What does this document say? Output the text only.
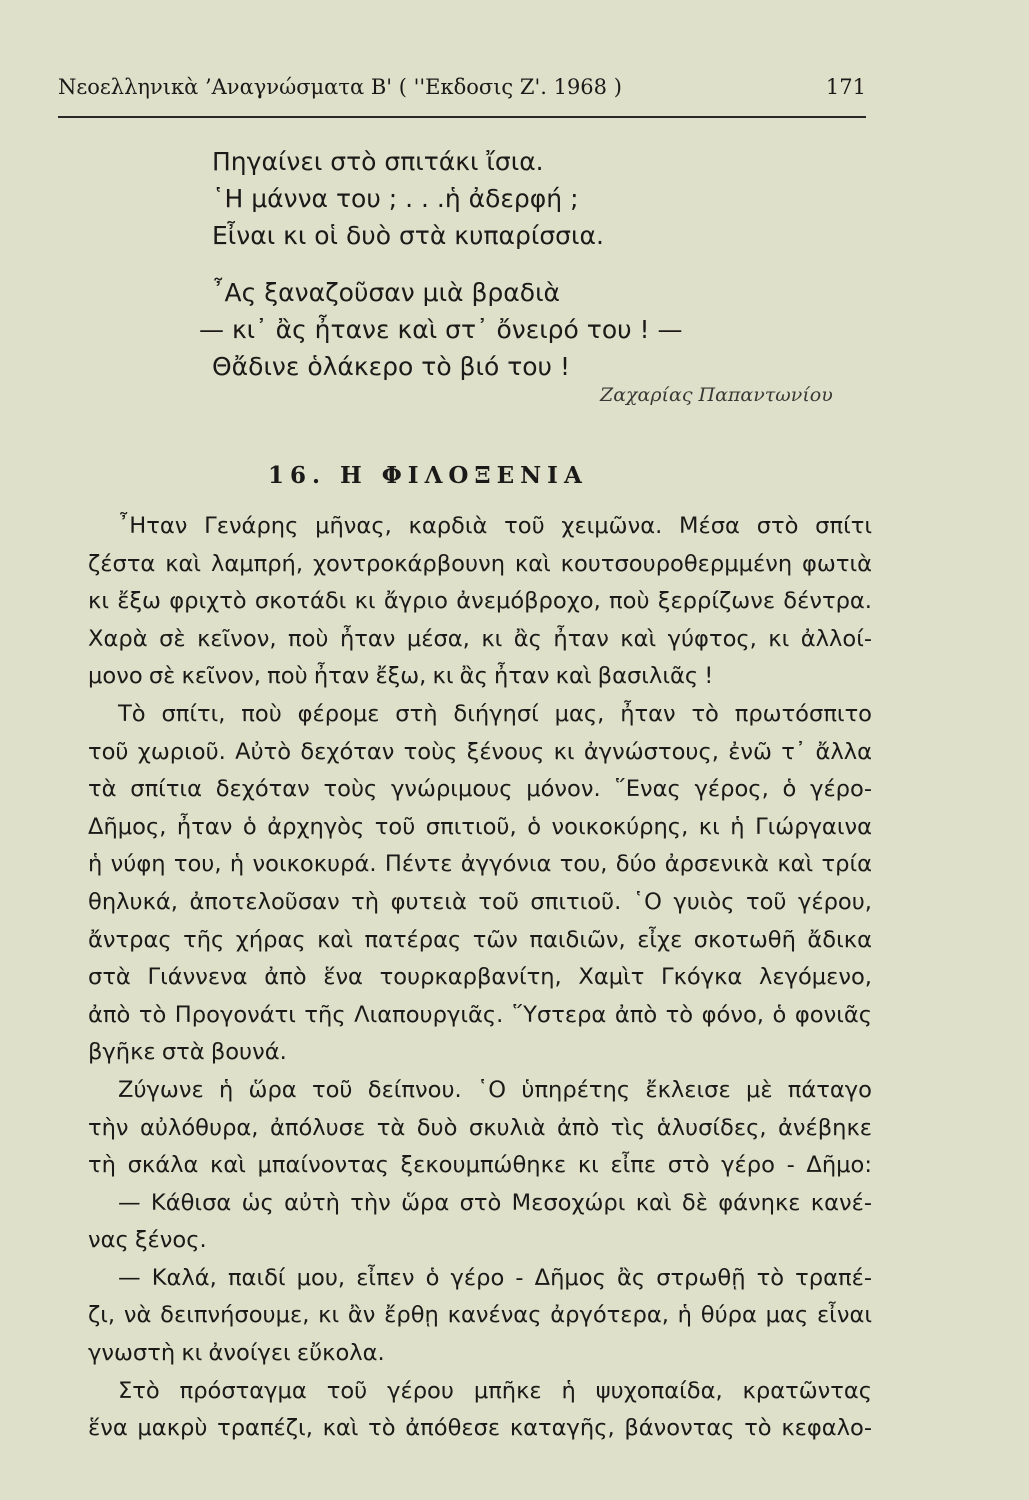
Νεοελληνικὰ ’Αναγνώσματα Β' ( ''Εκδοσις Ζ'. 1968 )	171
Πηγαίνει στὸ σπιτάκι ἴσια.
῾Η μάννα του ; . . .ἡ ἀδερφή ;
Εἶναι κι οἱ δυὸ στὰ κυπαρίσσια.
῏Ας ξαναζοῦσαν μιὰ βραδιὰ
— κι᾿ ἂς ἦτανε καὶ στ᾿ ὄνειρό του ! —
Θἄδινε ὁλάκερο τὸ βιό του !
Ζαχαρίας Παπαντωνίου
16. Η ΦΙΛΟΞΕΝΙΑ
῏Ηταν Γενάρης μῆνας, καρδιὰ τοῦ χειμῶνα. Μέσα στὸ σπίτι
ζέστα καὶ λαμπρή, χοντροκάρβουνη καὶ κουτσουροθερμμένη φωτιὰ
κι ἔξω φριχτὸ σκοτάδι κι ἄγριο ἀνεμόβροχο, ποὺ ξερρίζωνε δέντρα.
Χαρὰ σὲ κεῖνον, ποὺ ἦταν μέσα, κι ἂς ἦταν καὶ γύφτος, κι ἀλλοί-
μονο σὲ κεῖνον, ποὺ ἦταν ἔξω, κι ἂς ἦταν καὶ βασιλιᾶς !
Τὸ σπίτι, ποὺ φέρομε στὴ διήγησί μας, ἦταν τὸ πρωτόσπιτο
τοῦ χωριοῦ. Αὐτὸ δεχόταν τοὺς ξένους κι ἀγνώστους, ἐνῶ τ᾿ ἄλλα
τὰ σπίτια δεχόταν τοὺς γνώριμους μόνον. ῞Ενας γέρος, ὁ γέρο-
Δῆμος, ἦταν ὁ ἀρχηγὸς τοῦ σπιτιοῦ, ὁ νοικοκύρης, κι ἡ Γιώργαινα
ἡ νύφη του, ἡ νοικοκυρά. Πέντε ἀγγόνια του, δύο ἀρσενικὰ καὶ τρία
θηλυκά, ἀποτελοῦσαν τὴ φυτειὰ τοῦ σπιτιοῦ. ῾Ο γυιὸς τοῦ γέρου,
ἄντρας τῆς χήρας καὶ πατέρας τῶν παιδιῶν, εἶχε σκοτωθῆ ἄδικα
στὰ Γιάννενα ἀπὸ ἕνα τουρκαρβανίτη, Χαμὶτ Γκόγκα λεγόμενο,
ἀπὸ τὸ Προγονάτι τῆς Λιαπουργιᾶς. ῞Υστερα ἀπὸ τὸ φόνο, ὁ φονιᾶς
βγῆκε στὰ βουνά.
Ζύγωνε ἡ ὥρα τοῦ δείπνου. ῾Ο ὑπηρέτης ἔκλεισε μὲ πάταγο
τὴν αὐλόθυρα, ἀπόλυσε τὰ δυὸ σκυλιὰ ἀπὸ τὶς ἁλυσίδες, ἀνέβηκε
τὴ σκάλα καὶ μπαίνοντας ξεκουμπώθηκε κι εἶπε στὸ γέρο - Δῆμο:
— Κάθισα ὡς αὐτὴ τὴν ὥρα στὸ Μεσοχώρι καὶ δὲ φάνηκε κανέ-
νας ξένος.
— Καλά, παιδί μου, εἶπεν ὁ γέρο - Δῆμος ἂς στρωθῇ τὸ τραπέ-
ζι, νὰ δειπνήσουμε, κι ἂν ἔρθῃ κανένας ἀργότερα, ἡ θύρα μας εἶναι
γνωστὴ κι ἀνοίγει εὔκολα.
Στὸ πρόσταγμα τοῦ γέρου μπῆκε ἡ ψυχοπαίδα, κρατῶντας
ἕνα μακρὺ τραπέζι, καὶ τὸ ἀπόθεσε καταγῆς, βάνοντας τὸ κεφαλο-
